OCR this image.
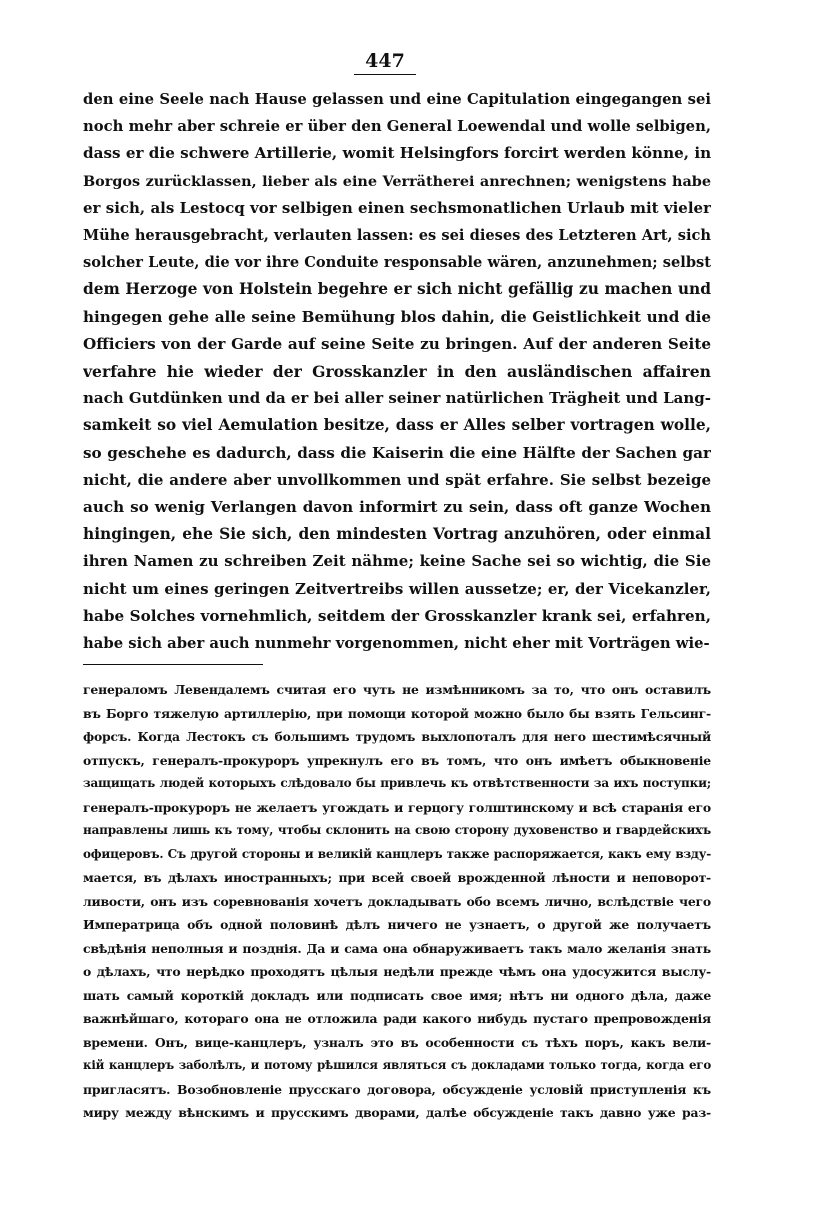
447
den eine Seele nach Hause gelassen und eine Capitulation eingegangen sei
noch mehr aber schreie er über den General Loewendal und wolle selbigen,
dass er die schwere Artillerie, womit Helsingfors forcirt werden könne, in
Borgos zurücklassen, lieber als eine Verrätherei anrechnen; wenigstens habe
er sich, als Lestocq vor selbigen einen sechsmonatlichen Urlaub mit vieler
Mühe herausgebracht, verlauten lassen: es sei dieses des Letzteren Art, sich
solcher Leute, die vor ihre Conduite responsable wären, anzunehmen; selbst
dem Herzoge von Holstein begehre er sich nicht gefällig zu machen und
hingegen gehe alle seine Bemühung blos dahin, die Geistlichkeit und die
Officiers von der Garde auf seine Seite zu bringen. Auf der anderen Seite
verfahre hie wieder der Grosskanzler in den ausländischen affairen
nach Gutdünken und da er bei aller seiner natürlichen Trägheit und Lang-
samkeit so viel Aemulation besitze, dass er Alles selber vortragen wolle,
so geschehe es dadurch, dass die Kaiserin die eine Hälfte der Sachen gar
nicht, die andere aber unvollkommen und spät erfahre. Sie selbst bezeige
auch so wenig Verlangen davon informirt zu sein, dass oft ganze Wochen
hingingen, ehe Sie sich, den mindesten Vortrag anzuhören, oder einmal
ihren Namen zu schreiben Zeit nähme; keine Sache sei so wichtig, die Sie
nicht um eines geringen Zeitvertreibs willen aussetze; er, der Vicekanzler,
habe Solches vornehmlich, seitdem der Grosskanzler krank sei, erfahren,
habe sich aber auch nunmehr vorgenommen, nicht eher mit Vorträgen wie-
генераломъ Левендалемъ считая его чуть не измѣнникомъ за то, что онъ оставилъ
въ Борго тяжелую артиллерію, при помощи которой можно было бы взять Гельсинг-
форсъ. Когда Лестокъ съ большимъ трудомъ выхлопоталъ для него шестимѣсячный
отпускъ, генералъ-прокуроръ упрекнулъ его въ томъ, что онъ имѣетъ обыкновеніе
защищать людей которыхъ слѣдовало бы привлечь къ отвѣтственности за ихъ поступки;
генералъ-прокуроръ не желаетъ угождать и герцогу голштинскому и всѣ старанія его
направлены лишь къ тому, чтобы склонить на свою сторону духовенство и гвардейскихъ
офицеровъ. Съ другой стороны и великій канцлеръ также распоряжается, какъ ему взду-
мается, въ дѣлахъ иностранныхъ; при всей своей врожденной лѣности и неповорот-
ливости, онъ изъ соревнованія хочетъ докладывать обо всемъ лично, вслѣдствіе чего
Императрица объ одной половинѣ дѣлъ ничего не узнаетъ, о другой же получаетъ
свѣдѣнія неполныя и позднія. Да и сама она обнаруживаетъ такъ мало желанія знать
о дѣлахъ, что нерѣдко проходятъ цѣлыя недѣли прежде чѣмъ она удосужится выслу-
шать самый короткій докладъ или подписать свое имя; нѣтъ ни одного дѣла, даже
важнѣйшаго, котораго она не отложила ради какого нибудь пустаго препровожденія
времени. Онъ, вице-канцлеръ, узналъ это въ особенности съ тѣхъ поръ, какъ вели-
кій канцлеръ заболѣлъ, и потому рѣшился являться съ докладами только тогда, когда его
пригласятъ. Возобновленіе прусскаго договора, обсужденіе условій приступленія къ
миру между вѣнскимъ и прусскимъ дворами, далѣе обсужденіе такъ давно уже раз-
